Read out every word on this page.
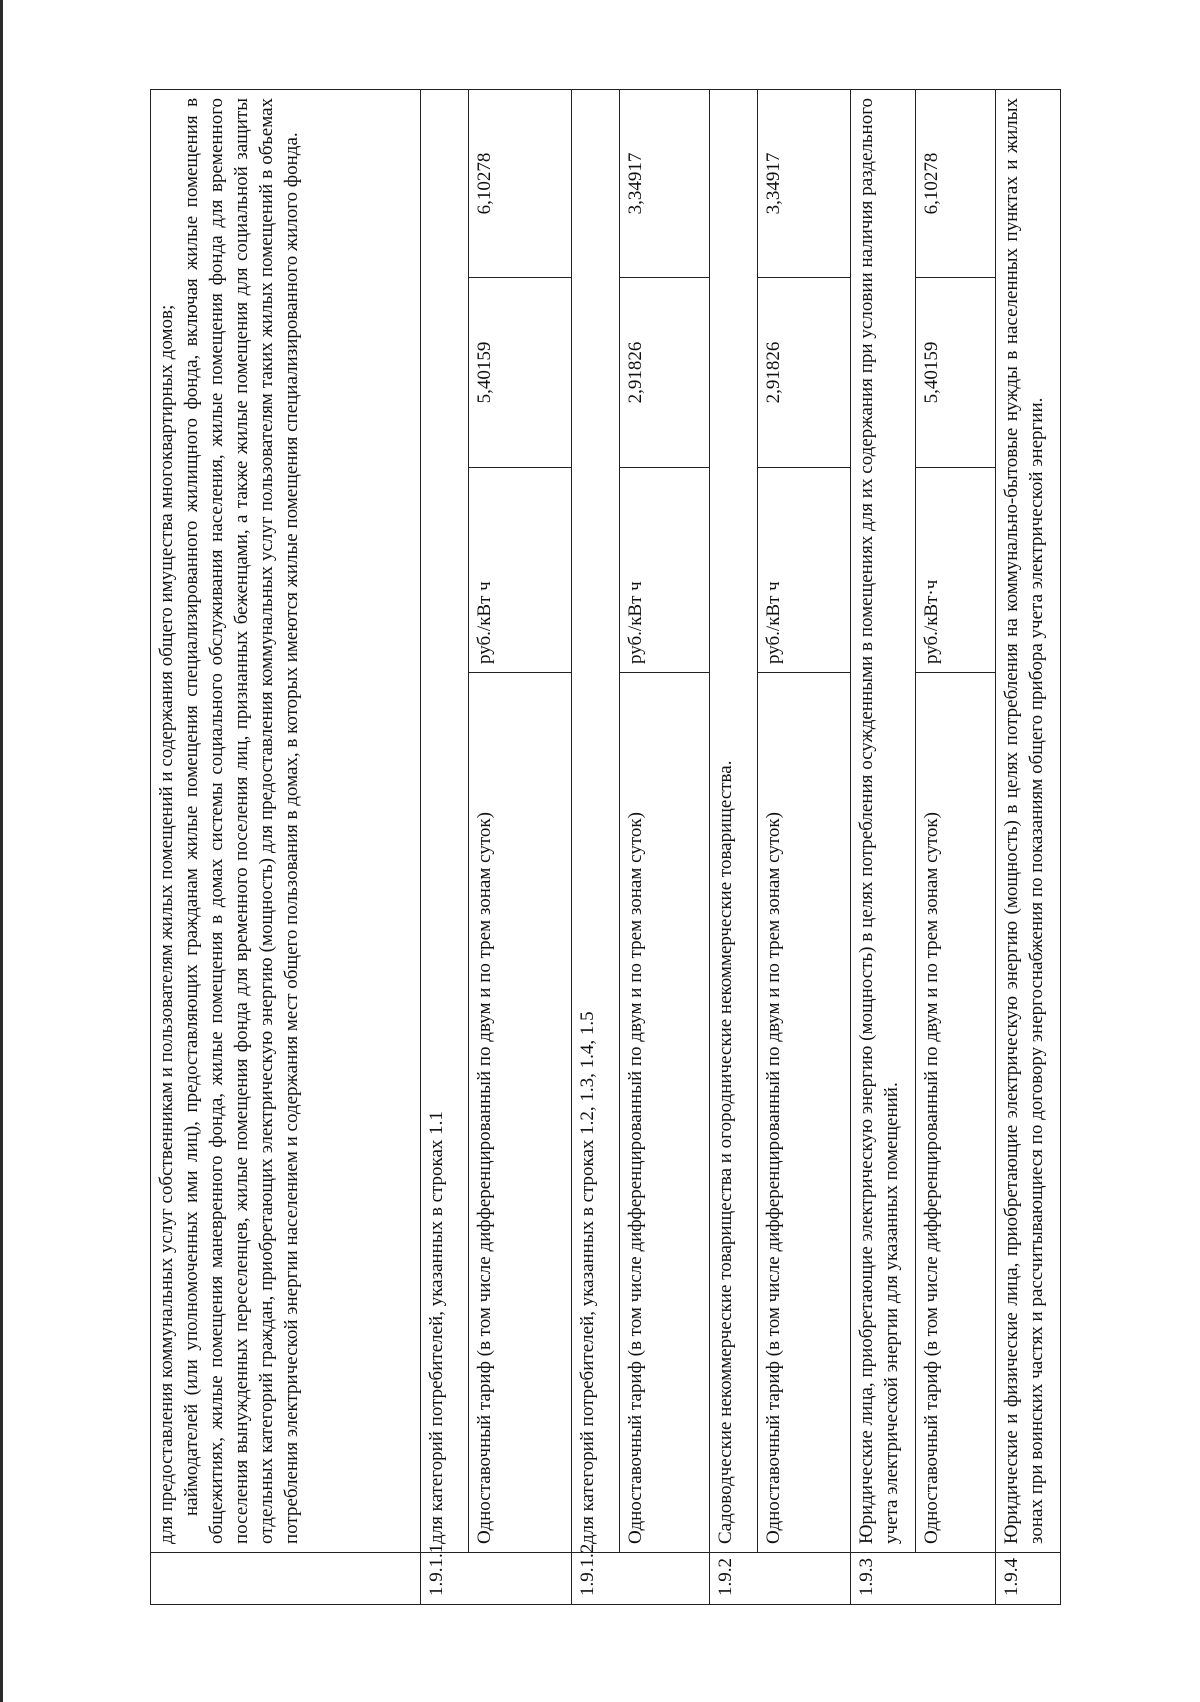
	для предоставления коммунальных услуг собственникам и пользователям жилых помещений и содержания общего имущества многоквартирных домов; наймодателей (или уполномоченных ими лиц), предоставляющих гражданам жилые помещения специализированного жилищного фонда, включая жилые помещения в общежитиях, жилые помещения маневренного фонда, жилые помещения в домах системы социального обслуживания населения, жилые помещения фонда для временного поселения вынужденных переселенцев, жилые помещения фонда для временного поселения лиц, признанных беженцами, а также жилые помещения для социальной защиты отдельных категорий граждан, приобретающих электрическую энергию (мощность) для предоставления коммунальных услуг пользователям таких жилых помещений в объемах потребления электрической энергии населением и содержания мест общего пользования в домах, в которых имеются жилые помещения специализированного жилого фонда.			

1.9.1.1	для категорий потребителей, указанных в строках 1.1			
	Одноставочный тариф (в том числе дифференцированный по двум и по трем зонам суток)	руб./кВт ч	5,40159	6,10278
1.9.1.2	для категорий потребителей, указанных в строках 1.2, 1.3, 1.4, 1.5			
	Одноставочный тариф (в том числе дифференцированный по двум и по трем зонам суток)	руб./кВт ч	2,91826	3,34917
1.9.2	Садоводческие некоммерческие товарищества и огороднические некоммерческие товарищества.			
	Одноставочный тариф (в том числе дифференцированный по двум и по трем зонам суток)	руб./кВт ч	2,91826	3,34917
1.9.3	Юридические лица, приобретающие электрическую энергию (мощность) в целях потребления осужденными в помещениях для их содержания при условии наличия раздельного учета электрической энергии для указанных помещений.			
	Одноставочный тариф (в том числе дифференцированный по двум и по трем зонам суток)	руб./кВт·ч	5,40159	6,10278
1.9.4	Юридические и физические лица, приобретающие электрическую энергию (мощность) в целях потребления на коммунально-бытовые нужды в населенных пунктах и жилых зонах при воинских частях и рассчитывающиеся по договору энергоснабжения по показаниям общего прибора учета электрической энергии.			
